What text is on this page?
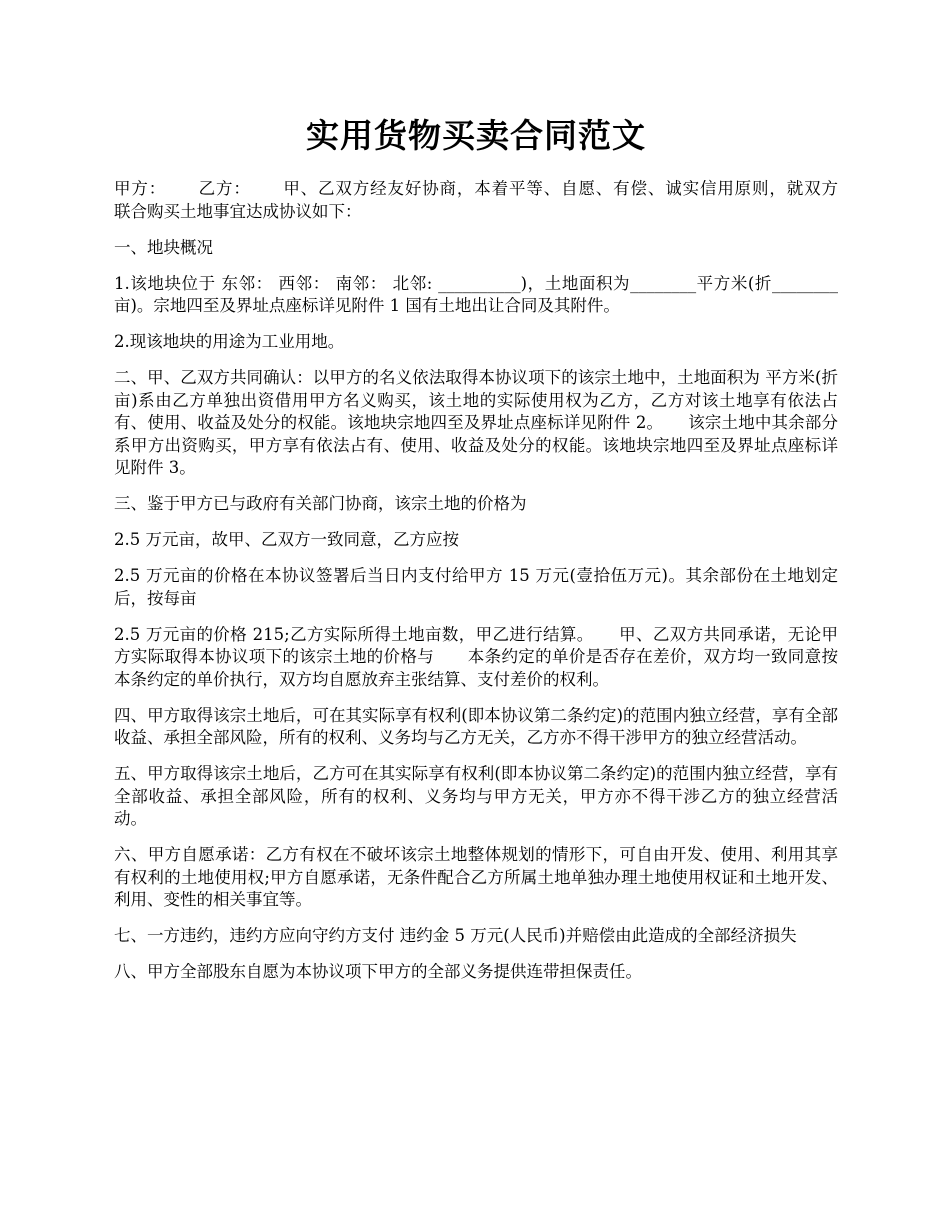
实用货物买卖合同范文

甲方：　　 乙方：　　 甲、乙双方经友好协商，本着平等、自愿、有偿、诚实信用原则，就双方　　联合购买土地事宜达成协议如下：

一、地块概况

1.该地块位于 东邻： 西邻： 南邻： 北邻: __________)，土地面积为________平方米(折________亩)。宗地四至及界址点座标详见附件 1 国有土地出让合同及其附件。

2.现该地块的用途为工业用地。

二、甲、乙双方共同确认：以甲方的名义依法取得本协议项下的该宗土地中，土地面积为 平方米(折 亩)系由乙方单独出资借用甲方名义购买，该土地的实际使用权为乙方，乙方对该土地享有依法占有、使用、收益及处分的权能。该地块宗地四至及界址点座标详见附件 2。　　该宗土地中其余部分系甲方出资购买，甲方享有依法占有、使用、收益及处分的权能。该地块宗地四至及界址点座标详见附件 3。

三、鉴于甲方已与政府有关部门协商，该宗土地的价格为

2.5 万元亩，故甲、乙双方一致同意，乙方应按

2.5 万元亩的价格在本协议签署后当日内支付给甲方 15 万元(壹拾伍万元)。其余部份在土地划定后，按每亩

2.5 万元亩的价格 215;乙方实际所得土地亩数，甲乙进行结算。　　甲、乙双方共同承诺，无论甲方实际取得本协议项下的该宗土地的价格与　　本条约定的单价是否存在差价，双方均一致同意按本条约定的单价执行，双方均自愿放弃主张结算、支付差价的权利。

四、甲方取得该宗土地后，可在其实际享有权利(即本协议第二条约定)的范围内独立经营，享有全部收益、承担全部风险，所有的权利、义务均与乙方无关，乙方亦不得干涉甲方的独立经营活动。

五、甲方取得该宗土地后，乙方可在其实际享有权利(即本协议第二条约定)的范围内独立经营，享有全部收益、承担全部风险，所有的权利、义务均与甲方无关，甲方亦不得干涉乙方的独立经营活动。

六、甲方自愿承诺：乙方有权在不破坏该宗土地整体规划的情形下，可自由开发、使用、利用其享有权利的土地使用权;甲方自愿承诺，无条件配合乙方所属土地单独办理土地使用权证和土地开发、利用、变性的相关事宜等。

七、一方违约，违约方应向守约方支付 违约金 5 万元(人民币)并赔偿由此造成的全部经济损失

八、甲方全部股东自愿为本协议项下甲方的全部义务提供连带担保责任。
